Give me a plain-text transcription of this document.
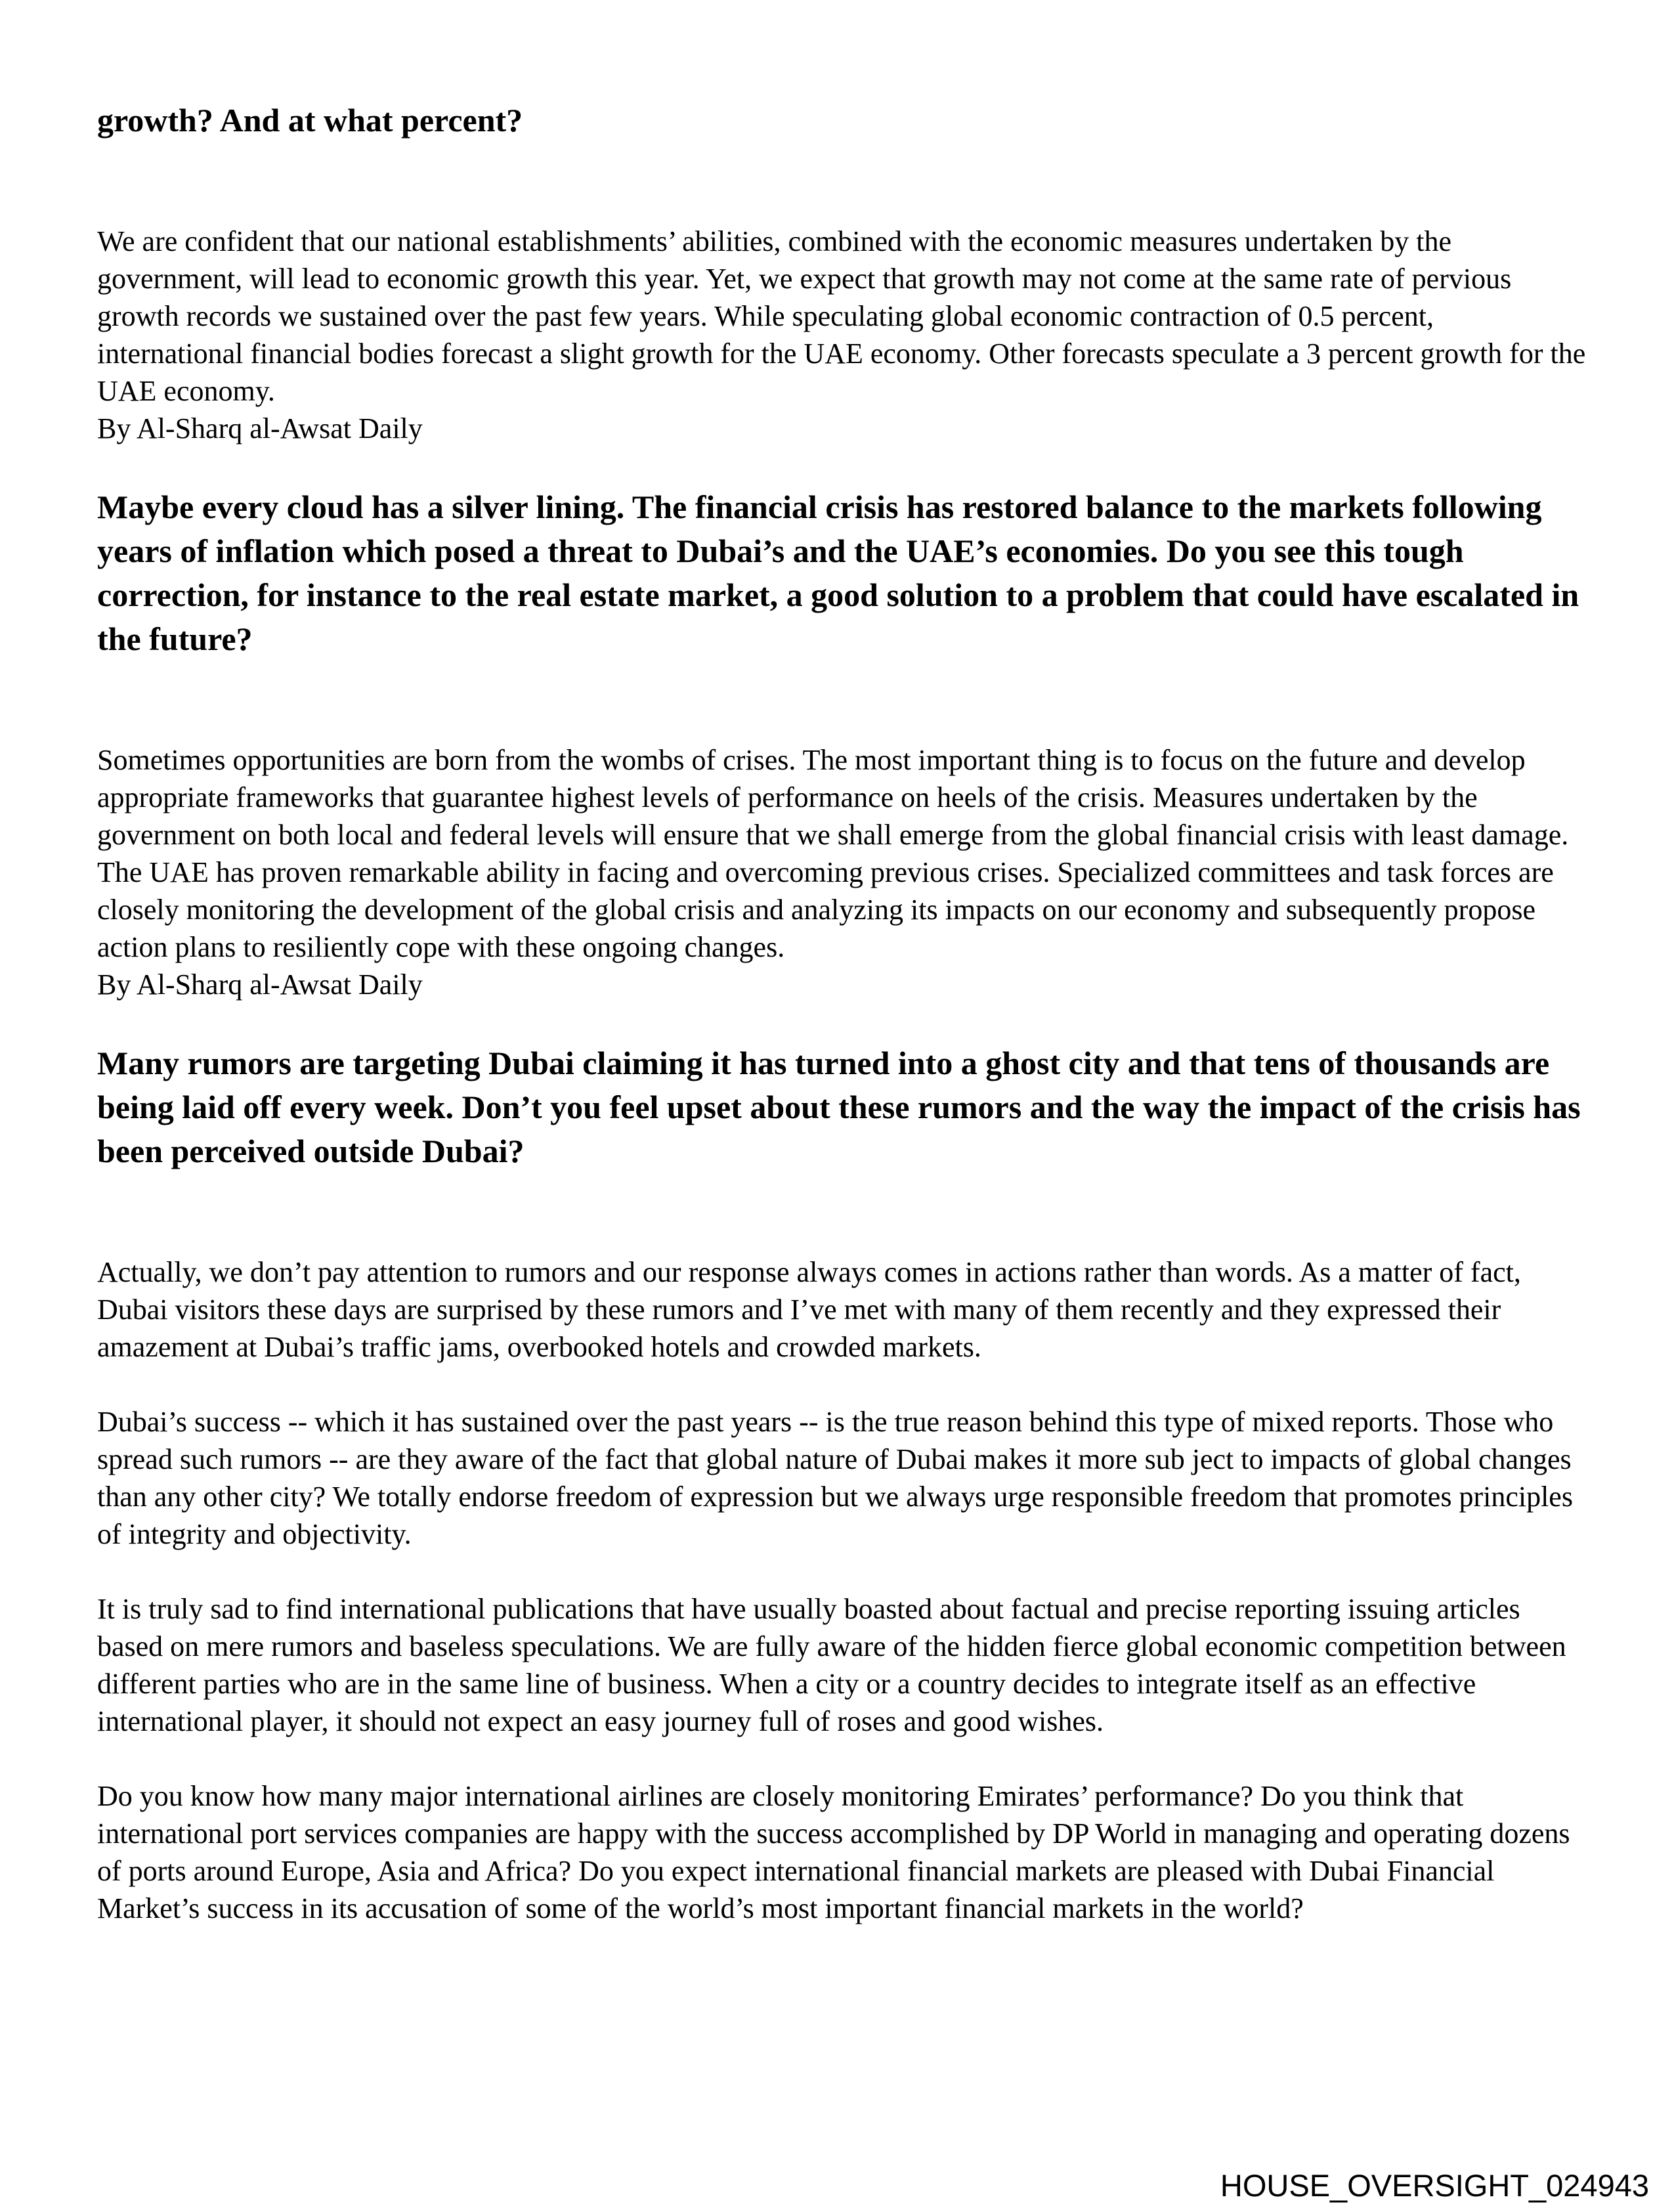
growth? And at what percent?

We are confident that our national establishments’ abilities, combined with the economic measures undertaken by the government, will lead to economic growth this year. Yet, we expect that growth may not come at the same rate of pervious growth records we sustained over the past few years. While speculating global economic contraction of 0.5 percent, international financial bodies forecast a slight growth for the UAE economy. Other forecasts speculate a 3 percent growth for the UAE economy.

By Al-Sharq al-Awsat Daily
Maybe every cloud has a silver lining. The financial crisis has restored balance to the markets following years of inflation which posed a threat to Dubai’s and the UAE’s economies. Do you see this tough correction, for instance to the real estate market, a good solution to a problem that could have escalated in the future?

Sometimes opportunities are born from the wombs of crises. The most important thing is to focus on the future and develop appropriate frameworks that guarantee highest levels of performance on heels of the crisis. Measures undertaken by the government on both local and federal levels will ensure that we shall emerge from the global financial crisis with least damage. The UAE has proven remarkable ability in facing and overcoming previous crises. Specialized committees and task forces are closely monitoring the development of the global crisis and analyzing its impacts on our economy and subsequently propose action plans to resiliently cope with these ongoing changes.

By Al-Sharq al-Awsat Daily
Many rumors are targeting Dubai claiming it has turned into a ghost city and that tens of thousands are being laid off every week. Don’t you feel upset about these rumors and the way the impact of the crisis has been perceived outside Dubai?

Actually, we don’t pay attention to rumors and our response always comes in actions rather than words. As a matter of fact, Dubai visitors these days are surprised by these rumors and I’ve met with many of them recently and they expressed their amazement at Dubai’s traffic jams, overbooked hotels and crowded markets.

Dubai’s success -- which it has sustained over the past years -- is the true reason behind this type of mixed reports. Those who spread such rumors -- are they aware of the fact that global nature of Dubai makes it more sub ject to impacts of global changes than any other city? We totally endorse freedom of expression but we always urge responsible freedom that promotes principles of integrity and objectivity.

It is truly sad to find international publications that have usually boasted about factual and precise reporting issuing articles based on mere rumors and baseless speculations. We are fully aware of the hidden fierce global economic competition between different parties who are in the same line of business. When a city or a country decides to integrate itself as an effective international player, it should not expect an easy journey full of roses and good wishes.

Do you know how many major international airlines are closely monitoring Emirates’ performance? Do you think that international port services companies are happy with the success accomplished by DP World in managing and operating dozens of ports around Europe, Asia and Africa? Do you expect international financial markets are pleased with Dubai Financial Market’s success in its accusation of some of the world’s most important financial markets in the world?

HOUSE_OVERSIGHT_024943
